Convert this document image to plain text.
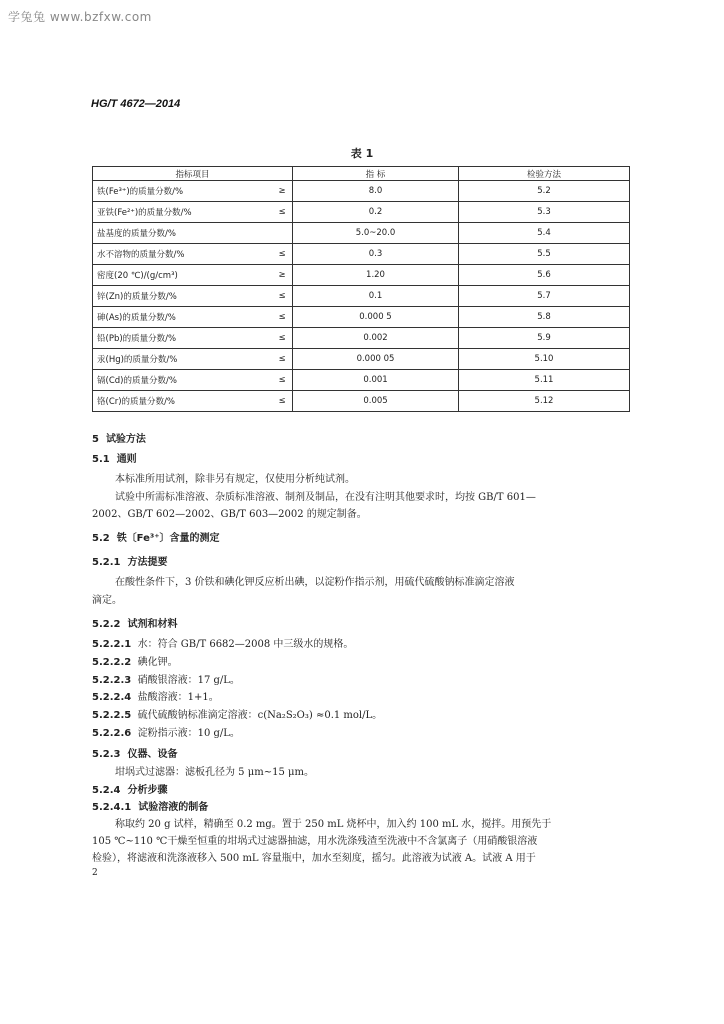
学兔兔 www.bzfxw.com
HG/T 4672—2014
表 1
指标项目		指 标	检验方法
铁(Fe³⁺)的质量分数/%	≥	8.0	5.2
亚铁(Fe²⁺)的质量分数/%	≤	0.2	5.3
盐基度的质量分数/%		5.0~20.0	5.4
水不溶物的质量分数/%	≤	0.3	5.5
密度(20 ℃)/(g/cm³)	≥	1.20	5.6
锌(Zn)的质量分数/%	≤	0.1	5.7
砷(As)的质量分数/%	≤	0.000 5	5.8
铅(Pb)的质量分数/%	≤	0.002	5.9
汞(Hg)的质量分数/%	≤	0.000 05	5.10
镉(Cd)的质量分数/%	≤	0.001	5.11
铬(Cr)的质量分数/%	≤	0.005	5.12
5 试验方法
5.1 通则
本标准所用试剂，除非另有规定，仅使用分析纯试剂。
试验中所需标准溶液、杂质标准溶液、制剂及制品，在没有注明其他要求时，均按 GB/T 601—
2002、GB/T 602—2002、GB/T 603—2002 的规定制备。
5.2 铁〔Fe³⁺〕含量的测定
5.2.1 方法提要
在酸性条件下，3 价铁和碘化钾反应析出碘，以淀粉作指示剂，用硫代硫酸钠标准滴定溶液
滴定。
5.2.2 试剂和材料
5.2.2.1 水：符合 GB/T 6682—2008 中三级水的规格。
5.2.2.2 碘化钾。
5.2.2.3 硝酸银溶液：17 g/L。
5.2.2.4 盐酸溶液：1+1。
5.2.2.5 硫代硫酸钠标准滴定溶液：c(Na₂S₂O₃) ≈0.1 mol/L。
5.2.2.6 淀粉指示液：10 g/L。
5.2.3 仪器、设备
坩埚式过滤器：滤板孔径为 5 μm~15 μm。
5.2.4 分析步骤
5.2.4.1 试验溶液的制备
称取约 20 g 试样，精确至 0.2 mg。置于 250 mL 烧杯中，加入约 100 mL 水，搅拌。用预先于
105 ℃~110 ℃干燥至恒重的坩埚式过滤器抽滤，用水洗涤残渣至洗液中不含氯离子（用硝酸银溶液
检验），将滤液和洗涤液移入 500 mL 容量瓶中，加水至刻度，摇匀。此溶液为试液 A。试液 A 用于
2
